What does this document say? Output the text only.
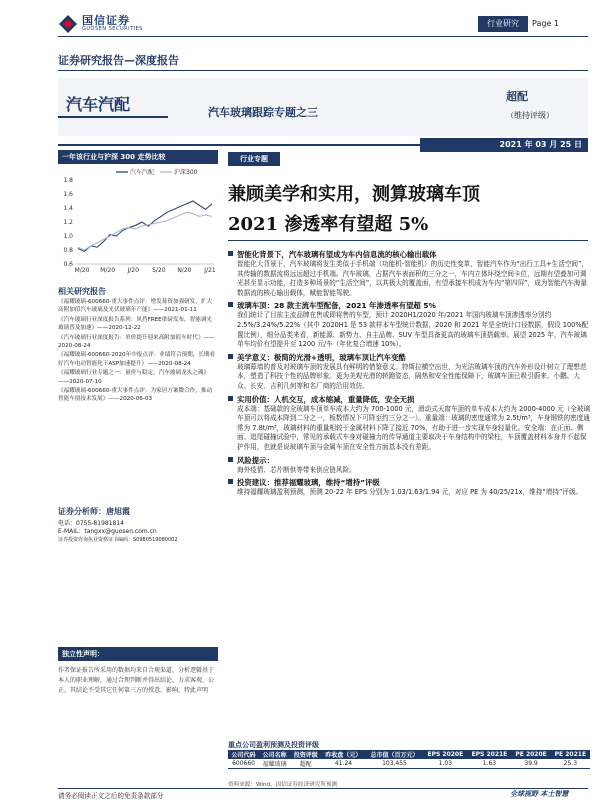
国信证券
GUOSEN SECURITIES
行业研究	Page 1
证券研究报告—深度报告
汽车汽配	汽车玻璃跟踪专题之三
超配
（维持评级）
2021 年 03 月 25 日
一年该行业与沪深 300 走势比较
1.8
1.6
1.4
1.2
1.0
0.8
0.6
M/20 M/20 J/20 S/20 N/20 J/21
汽车汽配	沪深300
相关研究报告
《福耀玻璃-600660-重大事件点评：增发募资加强研发，扩大高附加值汽车玻璃及光伏玻璃年产能》——2021-01-11
《汽车玻璃行业深度报告系列：风挡FREE重磅发布，智能调光玻璃普及加速》——2020-12-22
《汽车玻璃行业深度报告：单价提升迎来高附加值车时代》——2020-08-24
《福耀玻璃-600660-2020年中报点评：业绩符合预期，长期看好汽车电动智能化下ASP加速提升》——2020-08-24
《福耀玻璃行业专题之一：量价与稳定，汽车玻璃龙头之魂》——2020-07-10
《福耀玻璃-600660-重大事件点评：为家居方案微合作，推动智能车窗技术发展》——2020-06-03
证券分析师：唐旭霞
电话：0755-81981814
E-MAIL：tangxx@guosen.com.cn
证券投资咨询执业资格证书编码：S0980519080002
独立性声明：
作者保证报告所采用的数据均来自合规渠道，分析逻辑基于本人的职业理解，通过合理判断并得出结论，力求客观、公正，其结论不受其它任何第三方的授意、影响，特此声明
行业专题
兼顾美学和实用，测算玻璃车顶
2021 渗透率有望超 5%
智能化背景下，汽车玻璃有望成为车内信息流的核心输出载体
智能化大背景下，汽车玻璃将发生类似于手机端（功能机-智能机）的历史性变革，智能汽车作为“出行工具+生活空间”，其传输的数据流将远远超过手机端。汽车玻璃，占据汽车表面积的三分之一，车内立体环绕空间卡位，远期有望叠加可调光甚至显示功能，打造多种场景的“生活空间”，以其极大的覆盖面，有望承接车机成为车内“第四屏”，成为智能汽车海量数据流的核心输出载体，赋能智能驾驶。
玻璃车顶：28 款主流车型配备，2021 年渗透率有望超 5%
我们统计了目前主流品牌在售或即将售的车型，预计 2020H1/2020 年/2021 年国内玻璃车顶渗透率分别约 2.5%/3.24%/5.22%（其中 2020H1 是 53 款样本车型统计数据，2020 和 2021 年是全统计口径数据，假设 100%配置比例），细分品类来看，新能源、新势力、自主品牌、SUV 车型具备更高的玻璃车顶搭载率。展望 2025 年，汽车玻璃单车均价有望提升至 1200 元/车（年化复合增速 10%）。
美学意义：极简的光滑+透明，玻璃车顶让汽车变酷
玻璃幕墙的普及对玻璃车顶的发展具有鲜明的借鉴意义。特斯拉横空出世，为光洁玻璃车顶的汽车外形设计树立了理想范本，塑造了科技个性的品牌形象。更为美观光滑的轿跑姿态，隔热和安全性能保障下，玻璃车顶已吸引蔚来、小鹏、大众、长安、吉利几何等和名厂商的沿用效仿。
实用价值：人机交互，成本缩减，重量降低，安全无损
成本端：基础款的全玻璃车顶单车成本大约为 700-1000 元，滑动式天窗车顶的单车成本大约为 2000-4000 元（全玻璃车顶可以将成本降到二分之一，板数情况下可降至约三分之一）。重量端：玻璃的密度通常为 2.5t/m³，车身钢铁的密度通常为 7.8t/m³，玻璃材料的重量相较于金属材料下降了接近 70%，有助于进一步实现车身轻量化。安全端：在正面、侧面、追尾碰撞试验中，常见的承载式车身对碰撞力的传导通道主要取决于车身结构中的梁柱，车顶覆盖材料本身并不起保护作用，也就是说玻璃车顶与金属车顶在安全性方面基本没有差距。
风险提示：
海外疫情、芯片断供等带来供应链风险。
投资建议：推荐福耀玻璃，维持“增持”评级
维持福耀玻璃盈利预测，预测 20-22 年 EPS 分别为 1.03/1.63/1.94 元，对应 PE 为 40/25/21x，维持“增持”评级。
重点公司盈利预测及投资评级
公司代码	公司名称	投资评级	昨收盘（元）	总市值（百万元）	EPS 2020E	EPS 2021E	PE 2020E	PE 2021E
600660	福耀玻璃	超配	41.24	103,455	1.03	1.63	39.9	25.3
资料来源：Wind、国信证券经济研究所预测
请务必阅读正文之后的免责条款部分	全球视野 本土智慧
